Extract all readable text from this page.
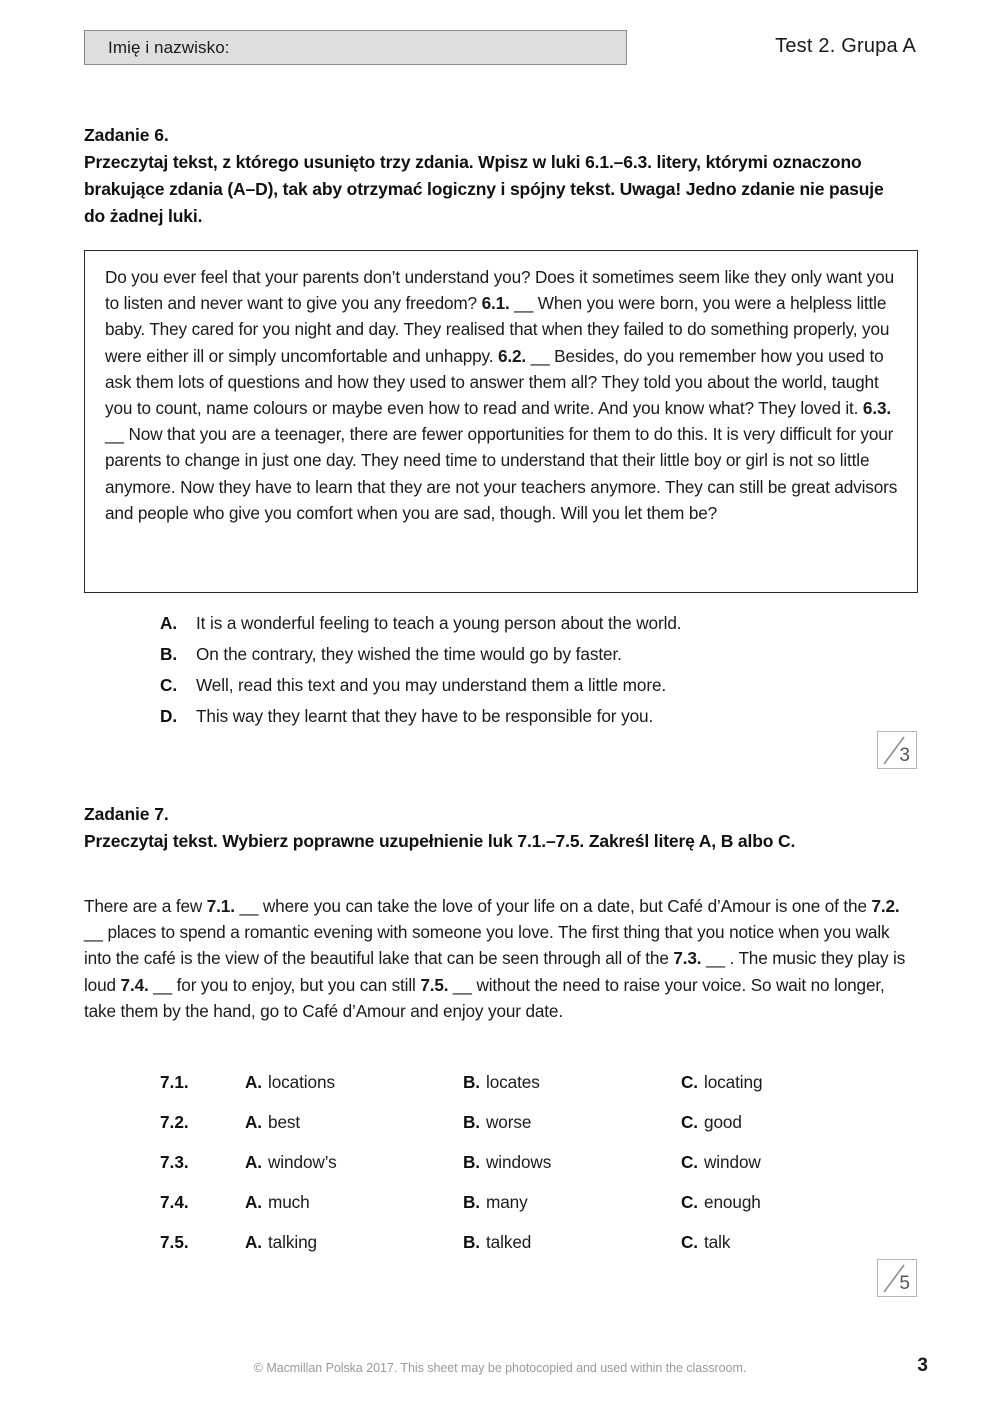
Imię i nazwisko:	Test 2. Grupa A
Zadanie 6.
Przeczytaj tekst, z którego usunięto trzy zdania. Wpisz w luki 6.1.–6.3. litery, którymi oznaczono brakujące zdania (A–D), tak aby otrzymać logiczny i spójny tekst. Uwaga! Jedno zdanie nie pasuje do żadnej luki.
Do you ever feel that your parents don’t understand you? Does it sometimes seem like they only want you to listen and never want to give you any freedom? 6.1. __ When you were born, you were a helpless little baby. They cared for you night and day. They realised that when they failed to do something properly, you were either ill or simply uncomfortable and unhappy. 6.2. __ Besides, do you remember how you used to ask them lots of questions and how they used to answer them all? They told you about the world, taught you to count, name colours or maybe even how to read and write. And you know what? They loved it. 6.3. __ Now that you are a teenager, there are fewer opportunities for them to do this. It is very difficult for your parents to change in just one day. They need time to understand that their little boy or girl is not so little anymore. Now they have to learn that they are not your teachers anymore. They can still be great advisors and people who give you comfort when you are sad, though. Will you let them be?
A.	It is a wonderful feeling to teach a young person about the world.
B.	On the contrary, they wished the time would go by faster.
C.	Well, read this text and you may understand them a little more.
D.	This way they learnt that they have to be responsible for you.
3
Zadanie 7.
Przeczytaj tekst. Wybierz poprawne uzupełnienie luk 7.1.–7.5. Zakreśl literę A, B albo C.
There are a few 7.1. __ where you can take the love of your life on a date, but Café d’Amour is one of the 7.2. __ places to spend a romantic evening with someone you love. The first thing that you notice when you walk into the café is the view of the beautiful lake that can be seen through all of the 7.3. __ . The music they play is loud 7.4. __ for you to enjoy, but you can still 7.5. __ without the need to raise your voice. So wait no longer, take them by the hand, go to Café d’Amour and enjoy your date.
7.1.	A. locations	B. locates	C. locating
7.2.	A. best	B. worse	C. good
7.3.	A. window’s	B. windows	C. window
7.4.	A. much	B. many	C. enough
7.5.	A. talking	B. talked	C. talk
5
© Macmillan Polska 2017. This sheet may be photocopied and used within the classroom.	3
